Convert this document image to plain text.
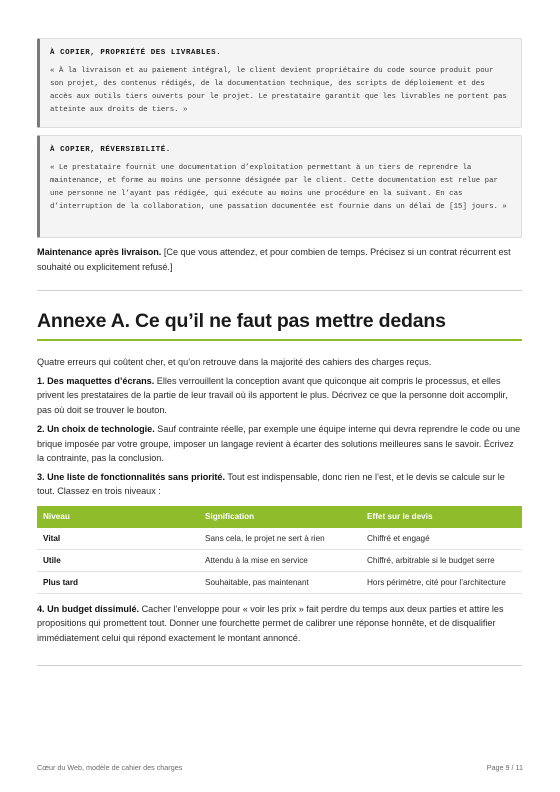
À COPIER, PROPRIÉTÉ DES LIVRABLES.
« À la livraison et au paiement intégral, le client devient propriétaire du code source produit pour son projet, des contenus rédigés, de la documentation technique, des scripts de déploiement et des accès aux outils tiers ouverts pour le projet. Le prestataire garantit que les livrables ne portent pas atteinte aux droits de tiers. »
À COPIER, RÉVERSIBILITÉ.
« Le prestataire fournit une documentation d’exploitation permettant à un tiers de reprendre la maintenance, et forme au moins une personne désignée par le client. Cette documentation est relue par une personne ne l’ayant pas rédigée, qui exécute au moins une procédure en la suivant. En cas d’interruption de la collaboration, une passation documentée est fournie dans un délai de [15] jours. »

Maintenance après livraison. [Ce que vous attendez, et pour combien de temps. Précisez si un contrat récurrent est souhaité ou explicitement refusé.]

Annexe A. Ce qu’il ne faut pas mettre dedans

Quatre erreurs qui coûtent cher, et qu’on retrouve dans la majorité des cahiers des charges reçus.

1. Des maquettes d’écrans. Elles verrouillent la conception avant que quiconque ait compris le processus, et elles privent les prestataires de la partie de leur travail où ils apportent le plus. Décrivez ce que la personne doit accomplir, pas où doit se trouver le bouton.

2. Un choix de technologie. Sauf contrainte réelle, par exemple une équipe interne qui devra reprendre le code ou une brique imposée par votre groupe, imposer un langage revient à écarter des solutions meilleures sans le savoir. Écrivez la contrainte, pas la conclusion.

3. Une liste de fonctionnalités sans priorité. Tout est indispensable, donc rien ne l’est, et le devis se calcule sur le tout. Classez en trois niveaux :

Niveau	Signification	Effet sur le devis
Vital	Sans cela, le projet ne sert à rien	Chiffré et engagé
Utile	Attendu à la mise en service	Chiffré, arbitrable si le budget serre
Plus tard	Souhaitable, pas maintenant	Hors périmètre, cité pour l’architecture

4. Un budget dissimulé. Cacher l’enveloppe pour « voir les prix » fait perdre du temps aux deux parties et attire les propositions qui promettent tout. Donner une fourchette permet de calibrer une réponse honnête, et de disqualifier immédiatement celui qui répond exactement le montant annoncé.

Cœur du Web, modèle de cahier des charges	Page 9 / 11
